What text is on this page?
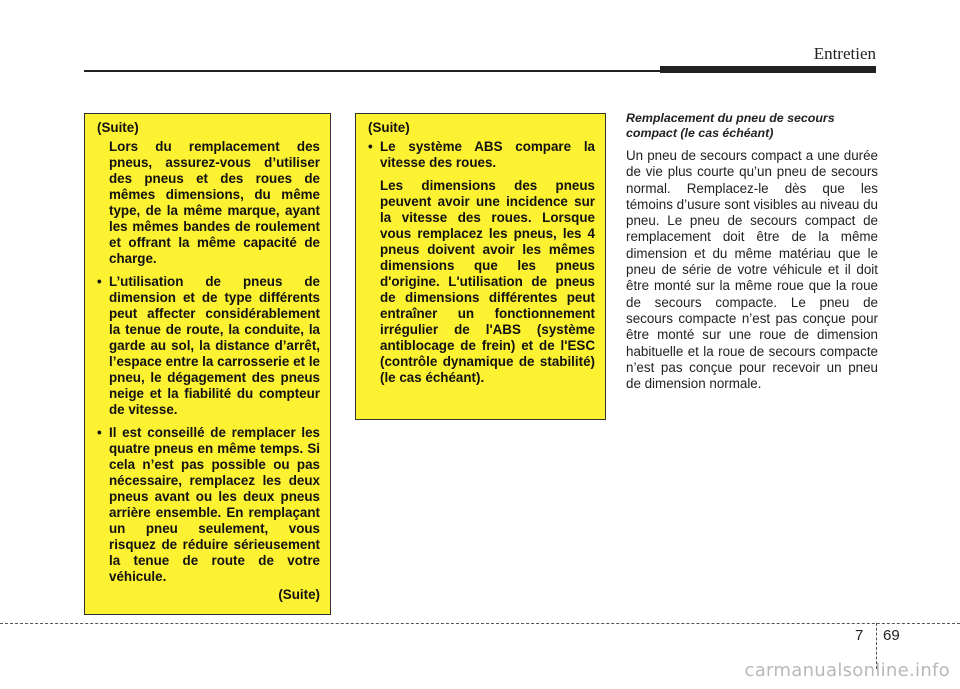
Entretien
(Suite)
Lors du remplacement des pneus, assurez-vous d’utiliser des pneus et des roues de mêmes dimensions, du même type, de la même marque, ayant les mêmes bandes de roulement et offrant la même capacité de charge.
• L’utilisation de pneus de dimension et de type différents peut affecter considérablement la tenue de route, la conduite, la garde au sol, la distance d’arrêt, l’espace entre la carrosserie et le pneu, le dégagement des pneus neige et la fiabilité du compteur de vitesse.
• Il est conseillé de remplacer les quatre pneus en même temps. Si cela n’est pas possible ou pas nécessaire, remplacez les deux pneus avant ou les deux pneus arrière ensemble. En remplaçant un pneu seulement, vous risquez de réduire sérieusement la tenue de route de votre véhicule.
(Suite)
(Suite)
• Le système ABS compare la vitesse des roues.
Les dimensions des pneus peuvent avoir une incidence sur la vitesse des roues. Lorsque vous remplacez les pneus, les 4 pneus doivent avoir les mêmes dimensions que les pneus d'origine. L'utilisation de pneus de dimensions différentes peut entraîner un fonctionnement irrégulier de l'ABS (système antiblocage de frein) et de l'ESC (contrôle dynamique de stabilité) (le cas échéant).
Remplacement du pneu de secours compact (le cas échéant)
Un pneu de secours compact a une durée de vie plus courte qu’un pneu de secours normal. Remplacez-le dès que les témoins d’usure sont visibles au niveau du pneu. Le pneu de secours compact de remplacement doit être de la même dimension et du même matériau que le pneu de série de votre véhicule et il doit être monté sur la même roue que la roue de secours compacte. Le pneu de secours compacte n’est pas conçue pour être monté sur une roue de dimension habituelle et la roue de secours compacte n’est pas conçue pour recevoir un pneu de dimension normale.
7 69
carmanualsonline.info
